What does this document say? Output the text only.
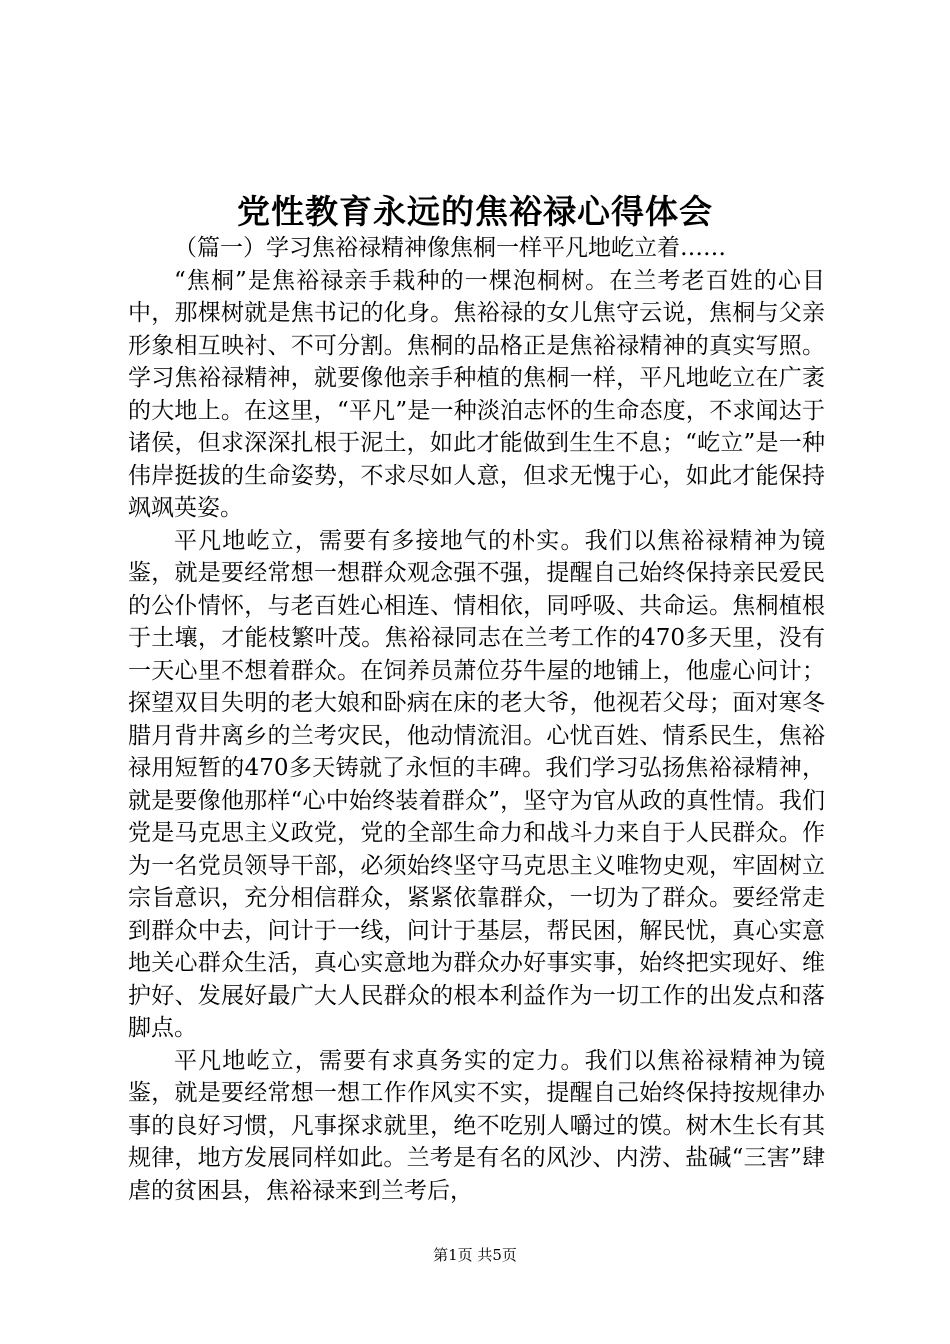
党性教育永远的焦裕禄心得体会

（篇一）学习焦裕禄精神像焦桐一样平凡地屹立着……

“焦桐”是焦裕禄亲手栽种的一棵泡桐树。在兰考老百姓的心目中，那棵树就是焦书记的化身。焦裕禄的女儿焦守云说，焦桐与父亲形象相互映衬、不可分割。焦桐的品格正是焦裕禄精神的真实写照。学习焦裕禄精神，就要像他亲手种植的焦桐一样，平凡地屹立在广袤的大地上。在这里，“平凡”是一种淡泊志怀的生命态度，不求闻达于诸侯，但求深深扎根于泥土，如此才能做到生生不息；“屹立”是一种伟岸挺拔的生命姿势，不求尽如人意，但求无愧于心，如此才能保持飒飒英姿。

平凡地屹立，需要有多接地气的朴实。我们以焦裕禄精神为镜鉴，就是要经常想一想群众观念强不强，提醒自己始终保持亲民爱民的公仆情怀，与老百姓心相连、情相依，同呼吸、共命运。焦桐植根于土壤，才能枝繁叶茂。焦裕禄同志在兰考工作的470多天里，没有一天心里不想着群众。在饲养员萧位芬牛屋的地铺上，他虚心问计；探望双目失明的老大娘和卧病在床的老大爷，他视若父母；面对寒冬腊月背井离乡的兰考灾民，他动情流泪。心忧百姓、情系民生，焦裕禄用短暂的470多天铸就了永恒的丰碑。我们学习弘扬焦裕禄精神，就是要像他那样“心中始终装着群众”，坚守为官从政的真性情。我们党是马克思主义政党，党的全部生命力和战斗力来自于人民群众。作为一名党员领导干部，必须始终坚守马克思主义唯物史观，牢固树立宗旨意识，充分相信群众，紧紧依靠群众，一切为了群众。要经常走到群众中去，问计于一线，问计于基层，帮民困，解民忧，真心实意地关心群众生活，真心实意地为群众办好事实事，始终把实现好、维护好、发展好最广大人民群众的根本利益作为一切工作的出发点和落脚点。

平凡地屹立，需要有求真务实的定力。我们以焦裕禄精神为镜鉴，就是要经常想一想工作作风实不实，提醒自己始终保持按规律办事的良好习惯，凡事探求就里，绝不吃别人嚼过的馍。树木生长有其规律，地方发展同样如此。兰考是有名的风沙、内涝、盐碱“三害”肆虐的贫困县，焦裕禄来到兰考后，

第1页 共5页
